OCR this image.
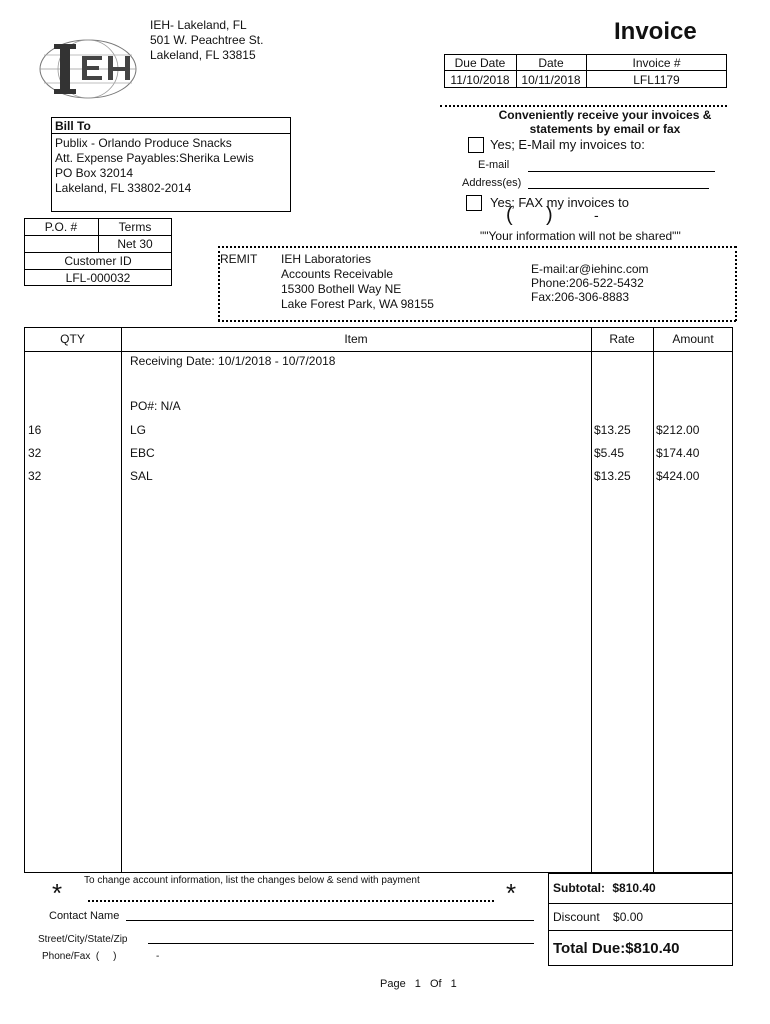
IEH- Lakeland, FL
501 W. Peachtree St.
Lakeland, FL 33815
Invoice
Due Date	Date	Invoice #
11/10/2018 10/11/2018	LFL1179
Bill To
Publix - Orlando Produce Snacks
Att. Expense Payables:Sherika Lewis
PO Box 32014
Lakeland, FL 33802-2014
Conveniently receive your invoices &
statements by email or fax
Yes; E-Mail my invoices to:
E-mail
Address(es)
Yes; FAX my invoices to
( )	-
""Your information will not be shared""
P.O. #	Terms
Net 30
Customer ID
LFL-000032
REMIT IEH Laboratories
Accounts Receivable
15300 Bothell Way NE
Lake Forest Park, WA 98155
E-mail:ar@iehinc.com
Phone:206-522-5432
Fax:206-306-8883
QTY	Item	Rate	Amount
Receiving Date: 10/1/2018 - 10/7/2018
PO#: N/A
16	LG	$13.25 $212.00
32	EBC	$5.45	$174.40
32	SAL	$13.25 $424.00
To change account information, list the changes below & send with payment
*	*
Contact Name
Street/City/State/Zip
Phone/Fax  (     )	-
Subtotal: $810.40
Discount $0.00
Total Due:$810.40
Page 1 Of 1
